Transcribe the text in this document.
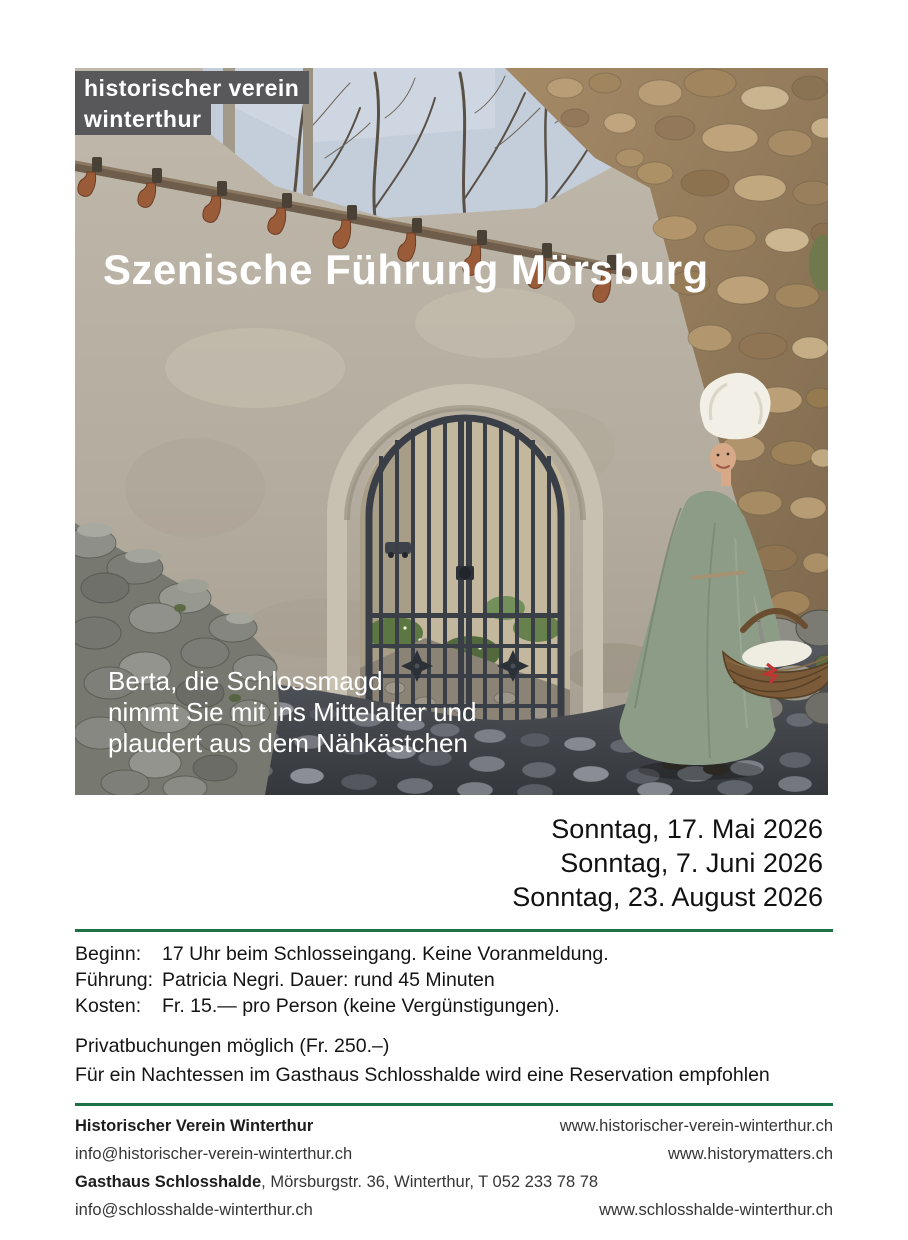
historischer verein
winterthur
Szenische Führung Mörsburg
Berta, die Schlossmagd
nimmt Sie mit ins Mittelalter und
plaudert aus dem Nähkästchen
Sonntag, 17. Mai 2026
Sonntag, 7. Juni 2026
Sonntag, 23. August 2026
Beginn:	17 Uhr beim Schlosseingang. Keine Voranmeldung.
Führung: Patricia Negri. Dauer: rund 45 Minuten
Kosten:	Fr. 15.— pro Person (keine Vergünstigungen).
Privatbuchungen möglich (Fr. 250.–)
Für ein Nachtessen im Gasthaus Schlosshalde wird eine Reservation empfohlen
Historischer Verein Winterthur	www.historischer-verein-winterthur.ch
info@historischer-verein-winterthur.ch	www.historymatters.ch
Gasthaus Schlosshalde, Mörsburgstr. 36, Winterthur, T 052 233 78 78
info@schlosshalde-winterthur.ch	www.schlosshalde-winterthur.ch
